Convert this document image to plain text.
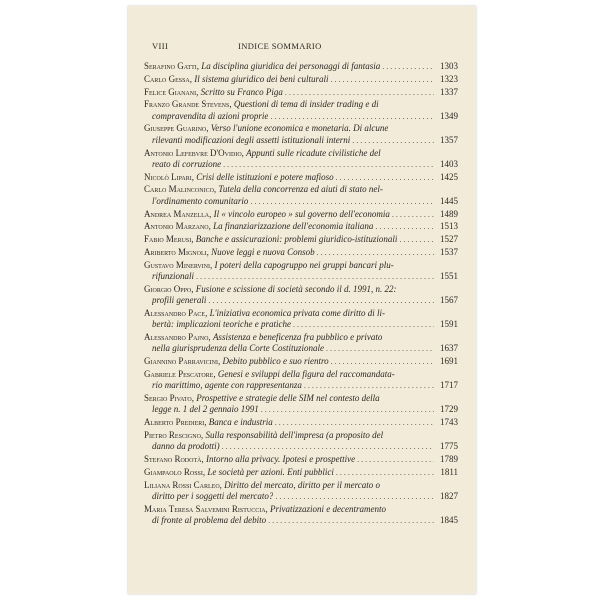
VIII	INDICE SOMMARIO
Serafino Gatti, La disciplina giuridica dei personaggi di fantasia . . .	1303
Carlo Gessa, Il sistema giuridico dei beni culturali . . .	1323
Felice Gianani, Scritto su Franco Piga . . .	1337
Franzo Grande Stevens, Questioni di tema di insider trading e di
compravendita di azioni proprie . . .	1349
Giuseppe Guarino, Verso l'unione economica e monetaria. Di alcune
rilevanti modificazioni degli assetti istituzionali interni . . .	1357
Antonio Lefebvre D'Ovidio, Appunti sulle ricadute civilistiche del
reato di corruzione . . .	1403
Nicolò Lipari, Crisi delle istituzioni e potere mafioso . . .	1425
Carlo Malinconico, Tutela della concorrenza ed aiuti di stato nel-
l'ordinamento comunitario . . .	1445
Andrea Manzella, Il « vincolo europeo » sul governo dell'economia . . .	1489
Antonio Marzano, La finanziarizzazione dell'economia italiana . . .	1513
Fabio Merusi, Banche e assicurazioni: problemi giuridico-istituzionali . . .	1527
Ariberto Mignoli, Nuove leggi e nuova Consob . . .	1537
Gustavo Minervini, I poteri della capogruppo nei gruppi bancari plu-
rifunzionali . . .	1551
Giorgio Oppo, Fusione e scissione di società secondo il d. 1991, n. 22:
profili generali . . .	1567
Alessandro Pace, L'iniziativa economica privata come diritto di li-
bertà: implicazioni teoriche e pratiche . . .	1591
Alessandro Pajno, Assistenza e beneficenza fra pubblico e privato
nella giurisprudenza della Corte Costituzionale . . .	1637
Giannino Parravicini, Debito pubblico e suo rientro . . .	1691
Gabriele Pescatore, Genesi e sviluppi della figura del raccomandata-
rio marittimo, agente con rappresentanza . . .	1717
Sergio Pivato, Prospettive e strategie delle SIM nel contesto della
legge n. 1 del 2 gennaio 1991 . . .	1729
Alberto Predieri, Banca e industria . . .	1743
Pietro Rescigno, Sulla responsabilità dell'impresa (a proposito del
danno da prodotti) . . .	1775
Stefano Rodotà, Intorno alla privacy. Ipotesi e prospettive . . .	1789
Giampaolo Rossi, Le società per azioni. Enti pubblici . . .	1811
Liliana Rossi Carleo, Diritto del mercato, diritto per il mercato o
diritto per i soggetti del mercato? . . .	1827
Maria Teresa Salvemini Ristuccia, Privatizzazioni e decentramento
di fronte al problema del debito . . .	1845
